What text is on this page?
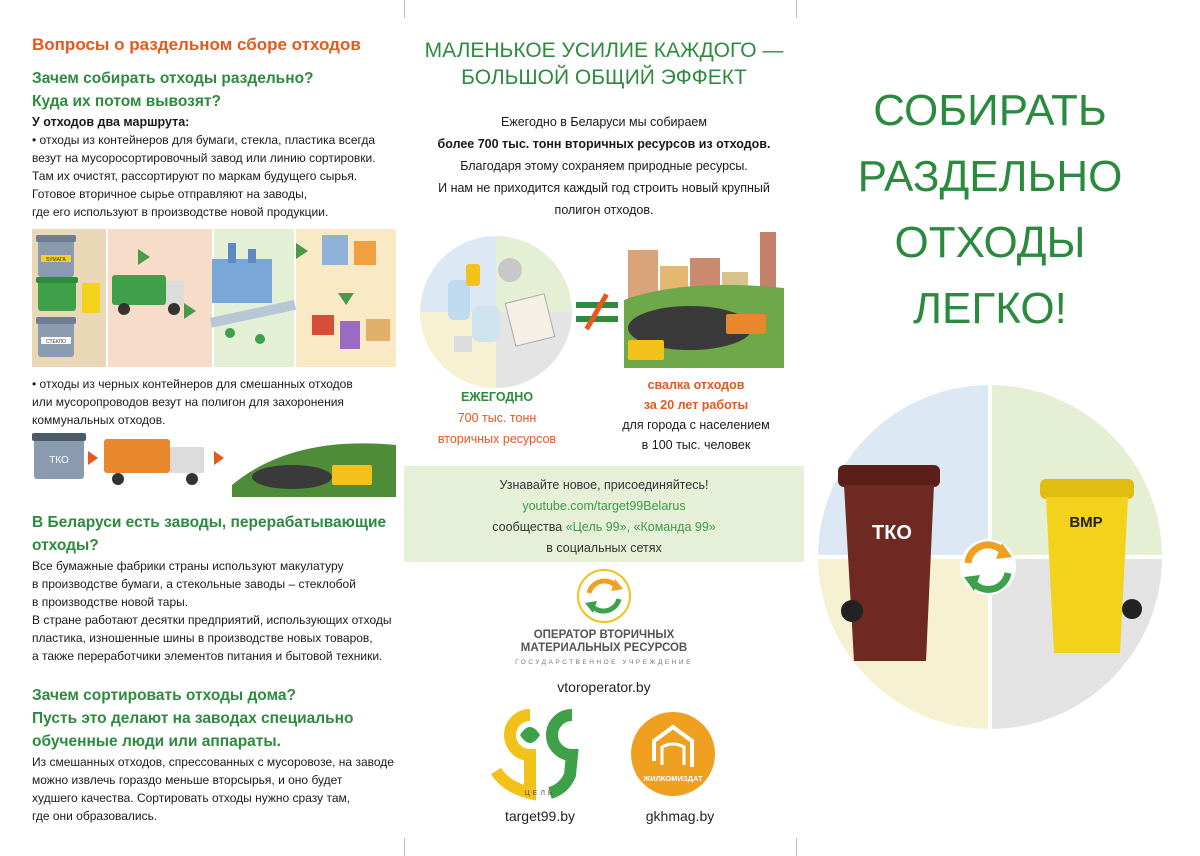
Вопросы о раздельном сборе отходов
Зачем собирать отходы раздельно?
Куда их потом вывозят?
У отходов два маршрута:
• отходы из контейнеров для бумаги, стекла, пластика всегда
везут на мусоросортировочный завод или линию сортировки.
Там их очистят, рассортируют по маркам будущего сырья.
Готовое вторичное сырье отправляют на заводы,
где его используют в производстве новой продукции.
БУМАГА
СТЕКЛО
• отходы из черных контейнеров для смешанных отходов
или мусоропроводов везут на полигон для захоронения
коммунальных отходов.
ТКО
В Беларуси есть заводы, перерабатывающие
отходы?
Все бумажные фабрики страны используют макулатуру
в производстве бумаги, а стекольные заводы – стеклобой
в производстве новой тары.
В стране работают десятки предприятий, использующих отходы
пластика, изношенные шины в производстве новых товаров,
а также переработчики элементов питания и бытовой техники.
Зачем сортировать отходы дома?
Пусть это делают на заводах специально
обученные люди или аппараты.
Из смешанных отходов, спрессованных с мусоровозе, на заводе
можно извлечь гораздо меньше вторсырья, и оно будет
худшего качества. Сортировать отходы нужно сразу там,
где они образовались.
МАЛЕНЬКОЕ УСИЛИЕ КАЖДОГО —
БОЛЬШОЙ ОБЩИЙ ЭФФЕКТ
Ежегодно в Беларуси мы собираем
более 700 тыс. тонн вторичных ресурсов из отходов.
Благодаря этому сохраняем природные ресурсы.
И нам не приходится каждый год строить новый крупный
полигон отходов.
ЕЖЕГОДНО
700 тыс. тонн
вторичных ресурсов
свалка отходов
за 20 лет работы
для города с населением
в 100 тыс. человек
Узнавайте новое, присоединяйтесь!
youtube.com/target99Belarus
сообщества «Цель 99», «Команда 99»
в социальных сетях
ОПЕРАТОР ВТОРИЧНЫХ
МАТЕРИАЛЬНЫХ РЕСУРСОВ
ГОСУДАРСТВЕННОЕ УЧРЕЖДЕНИЕ
vtoroperator.by
ЦЕЛЬ
ЖИЛКОМИЗДАТ
target99.by	gkhmag.by
СОБИРАТЬ
РАЗДЕЛЬНО
ОТХОДЫ
ЛЕГКО!
ТКО	ВМР
